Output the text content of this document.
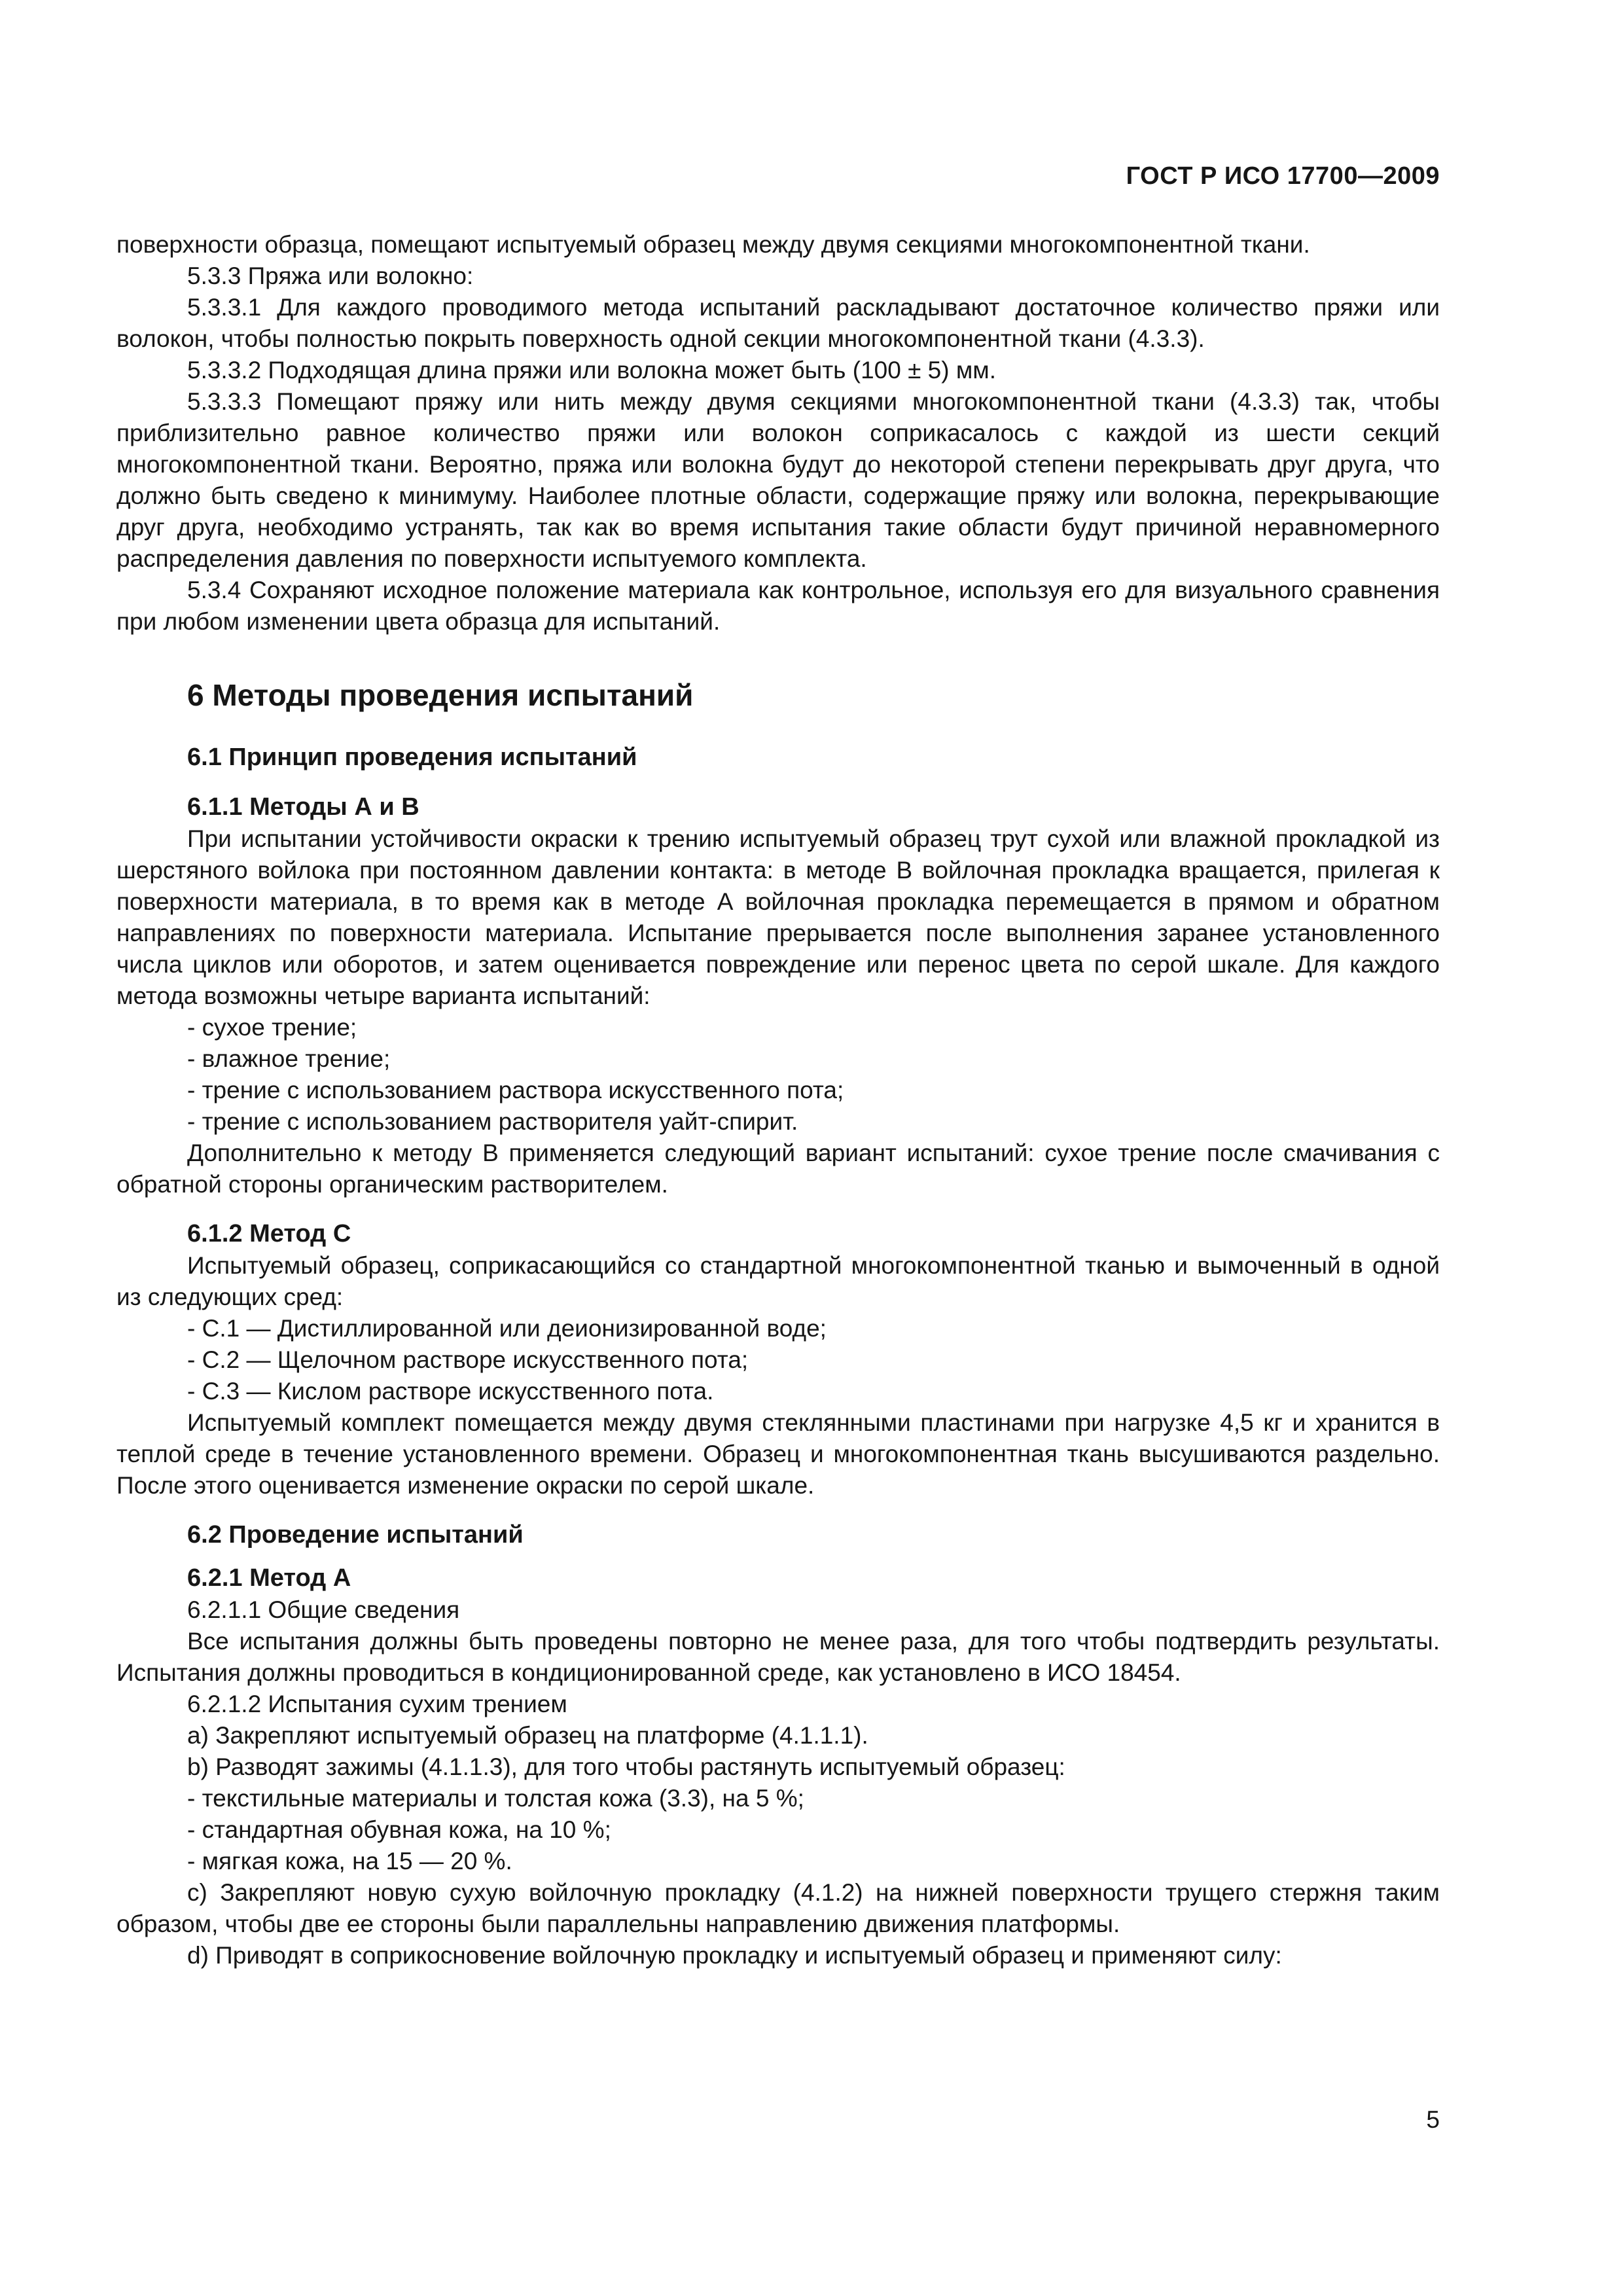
ГОСТ Р ИСО 17700—2009

поверхности образца, помещают испытуемый образец между двумя секциями многокомпонентной ткани.

5.3.3 Пряжа или волокно:

5.3.3.1 Для каждого проводимого метода испытаний раскладывают достаточное количество пряжи или волокон, чтобы полностью покрыть поверхность одной секции многокомпонентной ткани (4.3.3).

5.3.3.2 Подходящая длина пряжи или волокна может быть (100 ± 5) мм.

5.3.3.3 Помещают пряжу или нить между двумя секциями многокомпонентной ткани (4.3.3) так, чтобы приблизительно равное количество пряжи или волокон соприкасалось с каждой из шести секций многокомпонентной ткани. Вероятно, пряжа или волокна будут до некоторой степени перекрывать друг друга, что должно быть сведено к минимуму. Наиболее плотные области, содержащие пряжу или волокна, перекрывающие друг друга, необходимо устранять, так как во время испытания такие области будут причиной неравномерного распределения давления по поверхности испытуемого комплекта.

5.3.4 Сохраняют исходное положение материала как контрольное, используя его для визуального сравнения при любом изменении цвета образца для испытаний.

6 Методы проведения испытаний
6.1 Принцип проведения испытаний
6.1.1 Методы А и В

При испытании устойчивости окраски к трению испытуемый образец трут сухой или влажной прокладкой из шерстяного войлока при постоянном давлении контакта: в методе В войлочная прокладка вращается, прилегая к поверхности материала, в то время как в методе А войлочная прокладка перемещается в прямом и обратном направлениях по поверхности материала. Испытание прерывается после выполнения заранее установленного числа циклов или оборотов, и затем оценивается повреждение или перенос цвета по серой шкале. Для каждого метода возможны четыре варианта испытаний:

- сухое трение;

- влажное трение;

- трение с использованием раствора искусственного пота;

- трение с использованием растворителя уайт-спирит.

Дополнительно к методу В применяется следующий вариант испытаний: сухое трение после смачивания с обратной стороны органическим растворителем.

6.1.2 Метод С

Испытуемый образец, соприкасающийся со стандартной многокомпонентной тканью и вымоченный в одной из следующих сред:

- С.1 — Дистиллированной или деионизированной воде;

- С.2 — Щелочном растворе искусственного пота;

- С.3 — Кислом растворе искусственного пота.

Испытуемый комплект помещается между двумя стеклянными пластинами при нагрузке 4,5 кг и хранится в теплой среде в течение установленного времени. Образец и многокомпонентная ткань высушиваются раздельно. После этого оценивается изменение окраски по серой шкале.

6.2 Проведение испытаний
6.2.1 Метод А

6.2.1.1 Общие сведения

Все испытания должны быть проведены повторно не менее раза, для того чтобы подтвердить результаты. Испытания должны проводиться в кондиционированной среде, как установлено в ИСО 18454.

6.2.1.2 Испытания сухим трением

a) Закрепляют испытуемый образец на платформе (4.1.1.1).

b) Разводят зажимы (4.1.1.3), для того чтобы растянуть испытуемый образец:

- текстильные материалы и толстая кожа (3.3), на 5 %;

- стандартная обувная кожа, на 10 %;

- мягкая кожа, на 15 — 20 %.

c) Закрепляют новую сухую войлочную прокладку (4.1.2) на нижней поверхности трущего стержня таким образом, чтобы две ее стороны были параллельны направлению движения платформы.

d) Приводят в соприкосновение войлочную прокладку и испытуемый образец и применяют силу:

5
